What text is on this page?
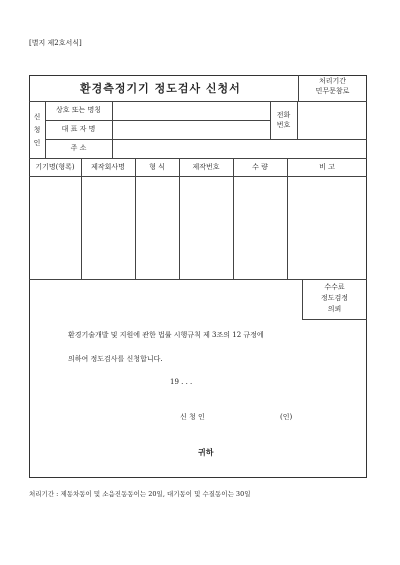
[별지 제2호서식]
환경측정기기 정도검사 신청서
처리기간
민무문참로
신
청
인
상호 또는 명칭
대 표 자 명
주 소
전화
번호
기기명(형록)	제작회사명	형 식	제작번호	수 량	비 고
수수료
정도검정
의뢰
환경기술개발 및 지원에 관한 법률 시행규칙 제 3조의 12 규정에
의하여 정도검사를 신청합니다.
19 . . .
신 청 인	(인)
귀하
처리기간 : 제동차동이 및 소음진동동이는 20일, 대기동이 및 수질동이는 30일
